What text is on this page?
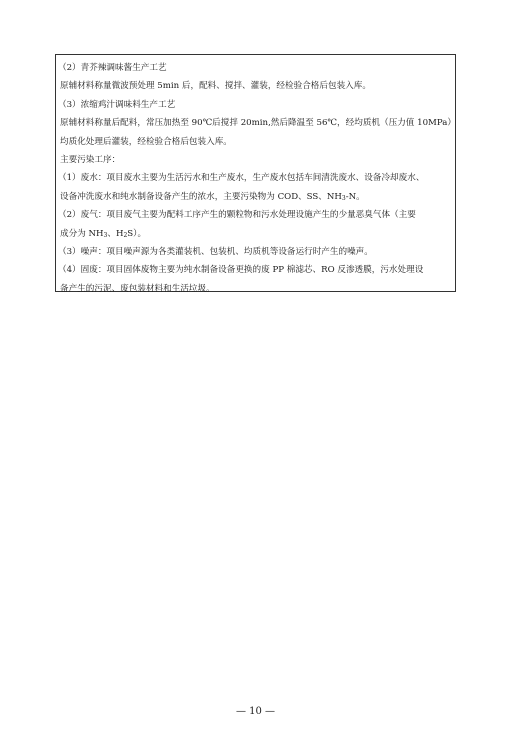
（2）青芥辣调味酱生产工艺
原辅材料称量微波预处理 5min 后，配料、搅拌、灌装，经检验合格后包装入库。
（3）浓缩鸡汁调味料生产工艺
原辅材料称量后配料，常压加热至 90℃后搅拌 20min,然后降温至 56℃，经均质机（压力值 10MPa）
均质化处理后灌装，经检验合格后包装入库。
主要污染工序：
（1）废水：项目废水主要为生活污水和生产废水，生产废水包括车间清洗废水、设备冷却废水、
设备冲洗废水和纯水制备设备产生的浓水，主要污染物为 COD、SS、$NH_3-N$。
（2）废气：项目废气主要为配料工序产生的颗粒物和污水处理设施产生的少量恶臭气体（主要
成分为 $NH_3$、$H_2S$）。
（3）噪声：项目噪声源为各类灌装机、包装机、均质机等设备运行时产生的噪声。
（4）固废：项目固体废物主要为纯水制备设备更换的废 PP 棉滤芯、RO 反渗透膜，污水处理设
备产生的污泥、废包装材料和生活垃圾。
— 10 —
